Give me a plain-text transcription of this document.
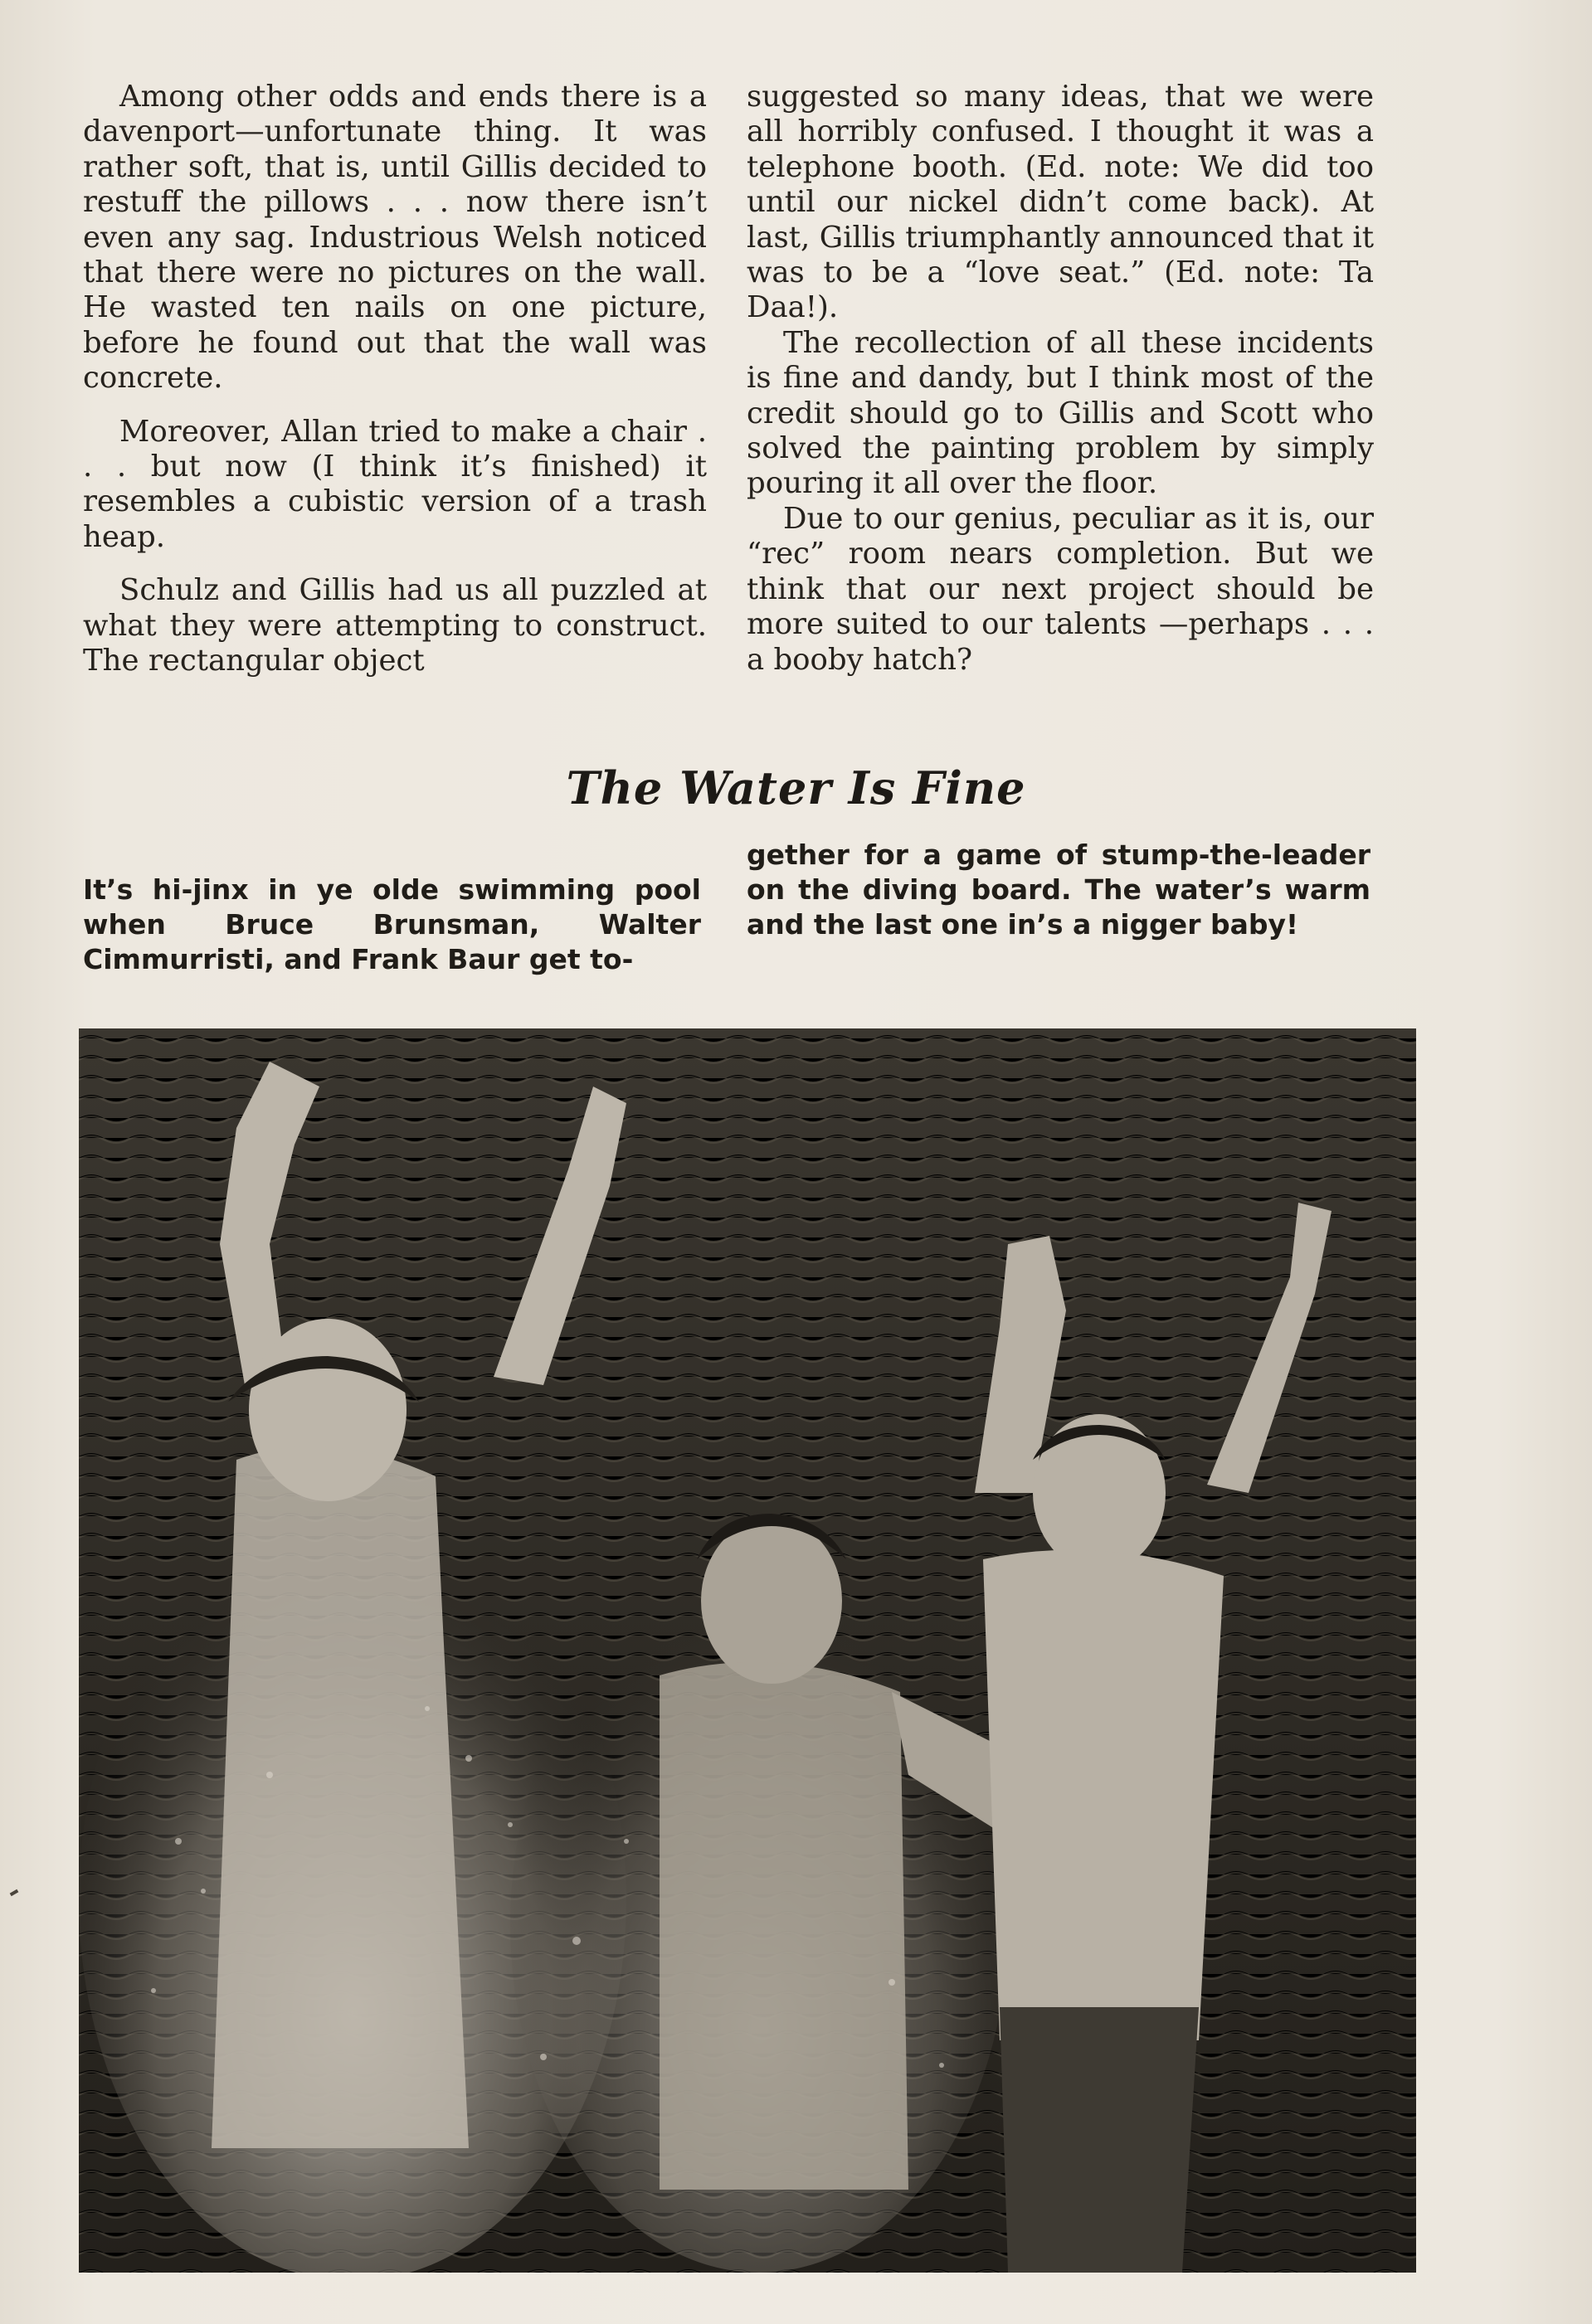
Among other odds and ends there is a davenport—unfortunate thing. It was rather soft, that is, until Gillis decided to restuff the pillows . . . now there isn’t even any sag. Industrious Welsh noticed that there were no pictures on the wall. He wasted ten nails on one picture, before he found out that the wall was concrete.

Moreover, Allan tried to make a chair . . . but now (I think it’s finished) it resembles a cubistic version of a trash heap.

Schulz and Gillis had us all puzzled at what they were attempting to construct. The rectangular object

suggested so many ideas, that we were all horribly confused. I thought it was a telephone booth. (Ed. note: We did too until our nickel didn’t come back). At last, Gillis triumphantly announced that it was to be a “love seat.” (Ed. note: Ta Daa!).

The recollection of all these incidents is fine and dandy, but I think most of the credit should go to Gillis and Scott who solved the painting problem by simply pouring it all over the floor.

Due to our genius, peculiar as it is, our “rec” room nears completion. But we think that our next project should be more suited to our talents —perhaps . . . a booby hatch?

The Water Is Fine
It’s hi-jinx in ye olde swimming pool when Bruce Brunsman, Walter Cimmurristi, and Frank Baur get to-
gether for a game of stump-the-leader on the diving board. The water’s warm and the last one in’s a nigger baby!
